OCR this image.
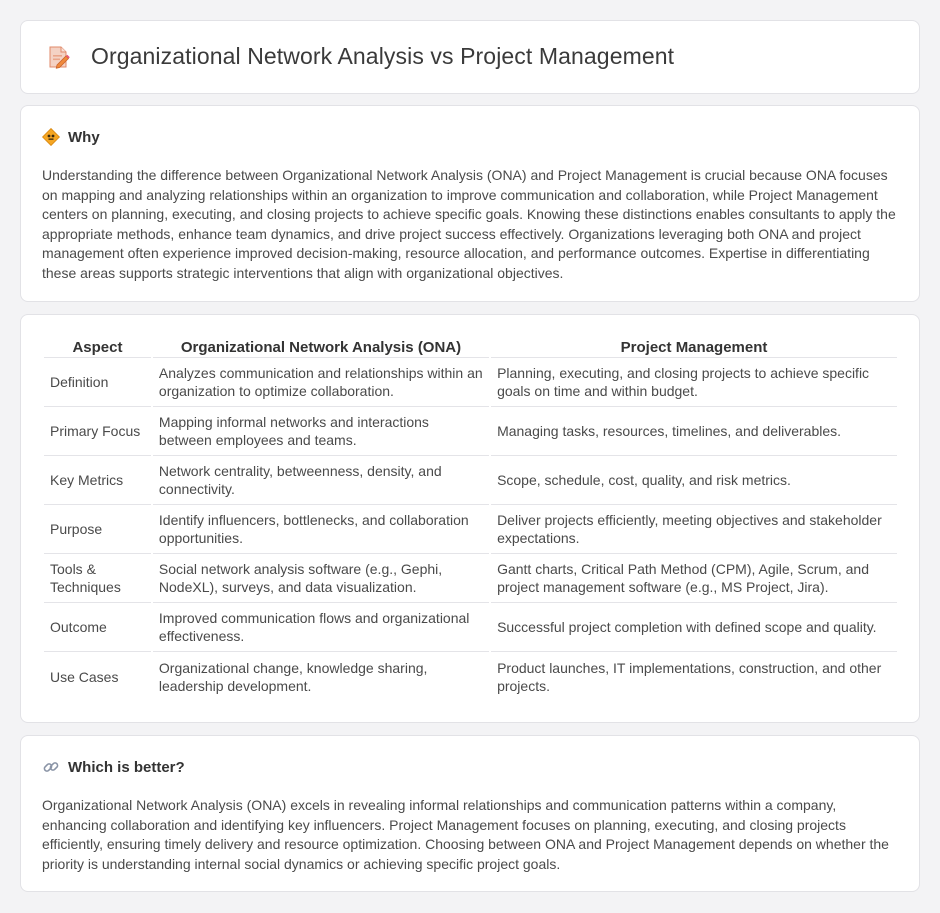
Organizational Network Analysis vs Project Management
Why

Understanding the difference between Organizational Network Analysis (ONA) and Project Management is crucial because ONA focuses on mapping and analyzing relationships within an organization to improve communication and collaboration, while Project Management centers on planning, executing, and closing projects to achieve specific goals. Knowing these distinctions enables consultants to apply the appropriate methods, enhance team dynamics, and drive project success effectively. Organizations leveraging both ONA and project management often experience improved decision-making, resource allocation, and performance outcomes. Expertise in differentiating these areas supports strategic interventions that align with organizational objectives.

Aspect	Organizational Network Analysis (ONA)	Project Management
Definition	Analyzes communication and relationships within an organization to optimize collaboration.	Planning, executing, and closing projects to achieve specific goals on time and within budget.
Primary Focus	Mapping informal networks and interactions between employees and teams.	Managing tasks, resources, timelines, and deliverables.
Key Metrics	Network centrality, betweenness, density, and connectivity.	Scope, schedule, cost, quality, and risk metrics.
Purpose	Identify influencers, bottlenecks, and collaboration opportunities.	Deliver projects efficiently, meeting objectives and stakeholder expectations.
Tools & Techniques	Social network analysis software (e.g., Gephi, NodeXL), surveys, and data visualization.	Gantt charts, Critical Path Method (CPM), Agile, Scrum, and project management software (e.g., MS Project, Jira).
Outcome	Improved communication flows and organizational effectiveness.	Successful project completion with defined scope and quality.
Use Cases	Organizational change, knowledge sharing, leadership development.	Product launches, IT implementations, construction, and other projects.
Which is better?

Organizational Network Analysis (ONA) excels in revealing informal relationships and communication patterns within a company, enhancing collaboration and identifying key influencers. Project Management focuses on planning, executing, and closing projects efficiently, ensuring timely delivery and resource optimization. Choosing between ONA and Project Management depends on whether the priority is understanding internal social dynamics or achieving specific project goals.
